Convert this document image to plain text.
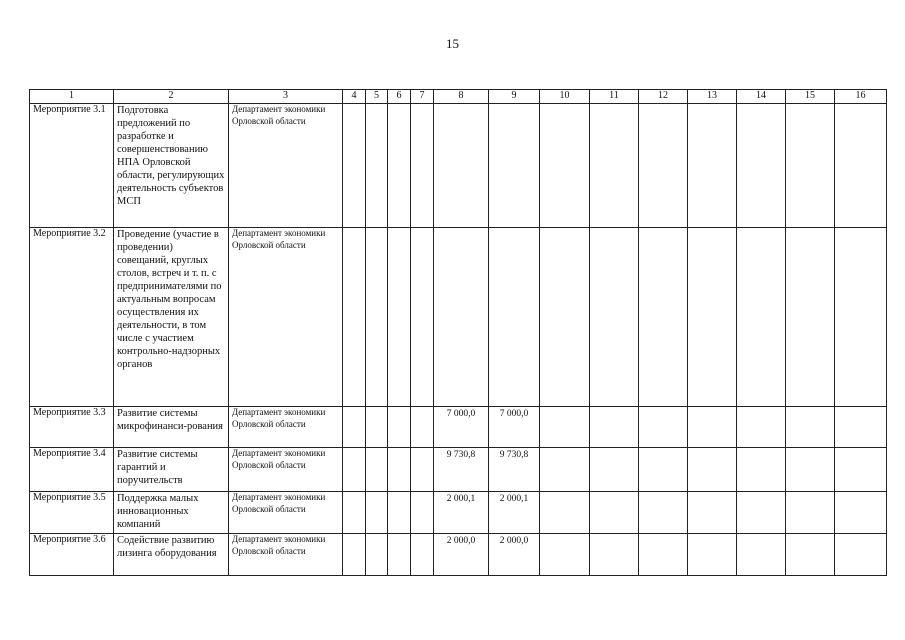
15
1	2	3	4	5	6	7	8	9	10	11	12	13	14	15	16
Мероприятие 3.1	Подготовка предложений по разработке и совершенствованию НПА Орловской области, регулирующих деятельность субъектов МСП	Департамент экономики Орловской области													
Мероприятие 3.2	Проведение (участие в проведении) совещаний, круглых столов, встреч и т. п. с предпринимателями по актуальным вопросам осуществления их деятельности, в том числе с участием контрольно-надзорных органов	Департамент экономики Орловской области													
Мероприятие 3.3	Развитие системы микрофинанси-рования	Департамент экономики Орловской области					7 000,0	7 000,0							
Мероприятие 3.4	Развитие системы гарантий и поручительств	Департамент экономики Орловской области					9 730,8	9 730,8							
Мероприятие 3.5	Поддержка малых инновационных компаний	Департамент экономики Орловской области					2 000,1	2 000,1							
Мероприятие 3.6	Содействие развитию лизинга оборудования	Департамент экономики Орловской области					2 000,0	2 000,0							
